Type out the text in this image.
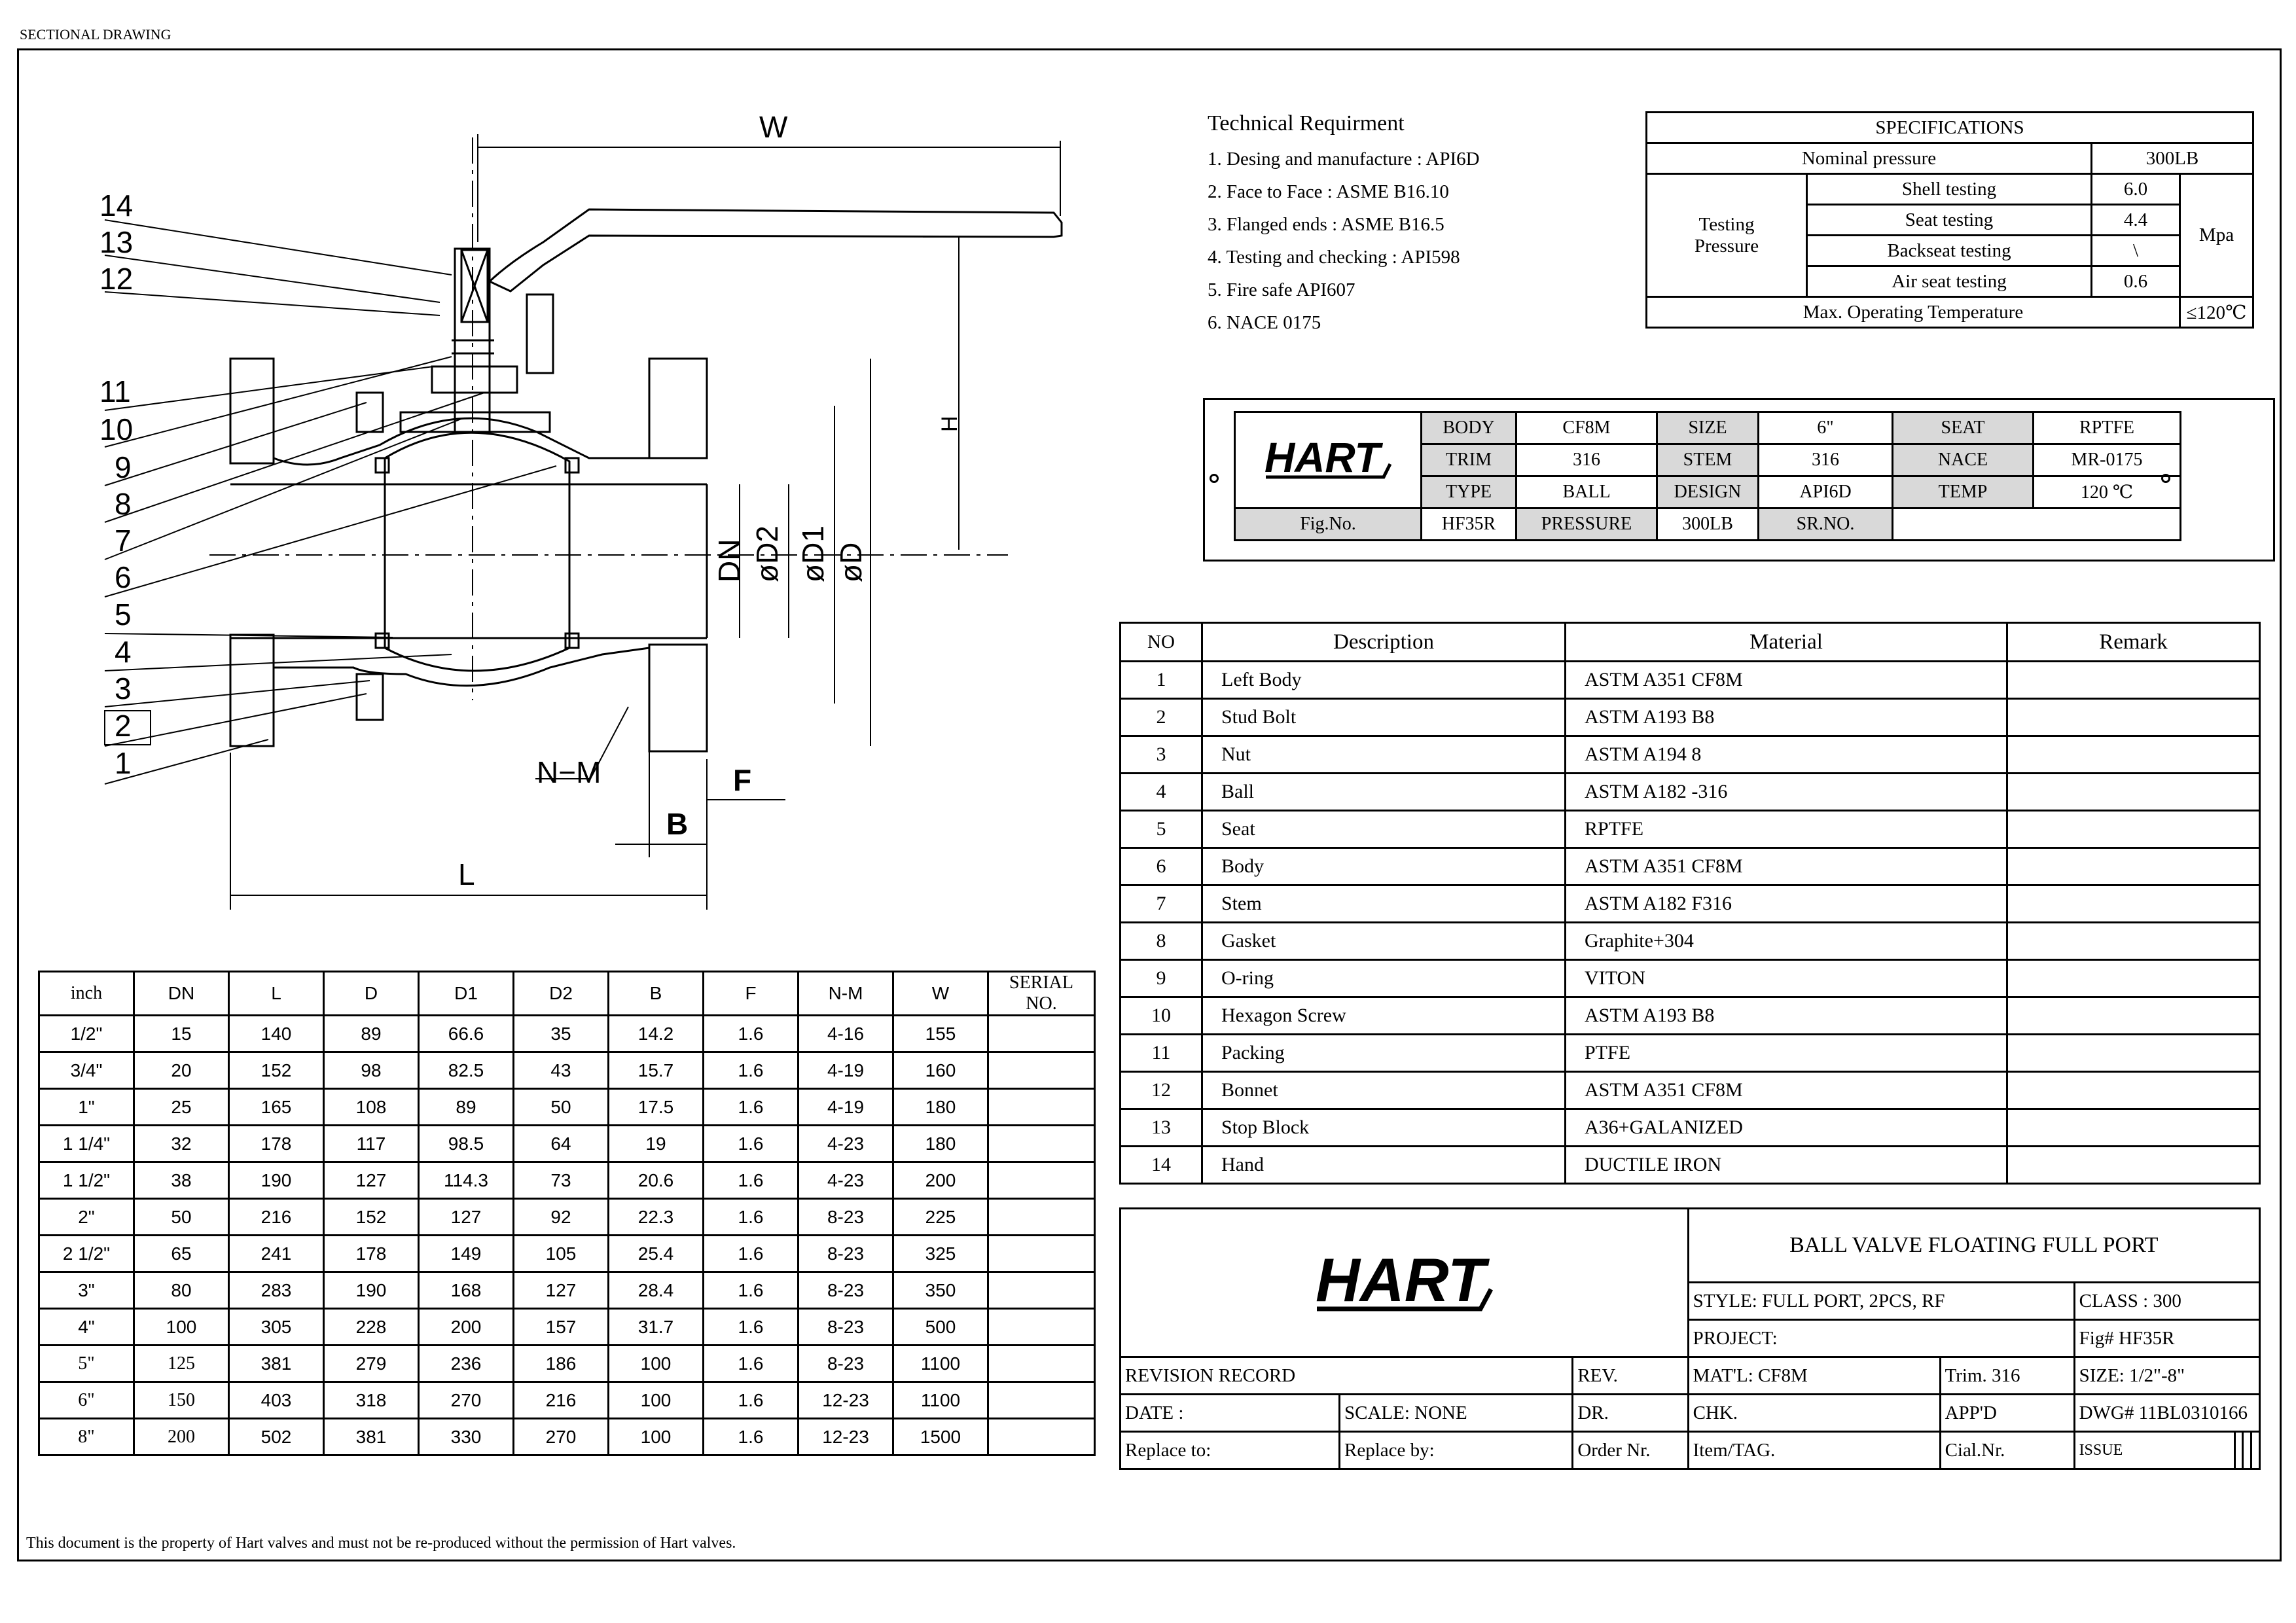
SECTIONAL DRAWING
W
H
DN øD2 øD1 øD
N−M	F
B
L
14
13
12
11
10
9
8
7
6
5
4
3
2
1
Technical Requirment
1. Desing and manufacture : API6D
2. Face to Face : ASME B16.10
3. Flanged ends : ASME B16.5
4. Testing and checking : API598
5. Fire safe API607
6. NACE 0175
SPECIFICATIONS			
Nominal pressure		300LB	
Testing
Pressure	Shell testing	6.0	Mpa
	Seat testing	4.4	
	Backseat testing	\	
	Air seat testing	0.6	
Max. Operating Temperature			≤120℃
HART	BODY	CF8M	SIZE	6"	SEAT	RPTFE
	TRIM	316	STEM	316	NACE	MR-0175
	TYPE	BALL	DESIGN	API6D	TEMP	120 ℃
Fig.No.	HF35R	PRESSURE	300LB	SR.NO.		
NO	Description	Material	Remark
1	Left Body	ASTM A351 CF8M	
2	Stud Bolt	ASTM A193 B8	
3	Nut	ASTM A194 8	
4	Ball	ASTM A182 -316	
5	Seat	RPTFE	
6	Body	ASTM A351 CF8M	
7	Stem	ASTM A182 F316	
8	Gasket	Graphite+304	
9	O-ring	VITON	
10	Hexagon Screw	ASTM A193 B8	
11	Packing	PTFE	
12	Bonnet	ASTM A351 CF8M	
13	Stop Block	A36+GALANIZED	
14	Hand	DUCTILE IRON	
HART			BALL VALVE FLOATING FULL PORT			
			STYLE: FULL PORT, 2PCS, RF		CLASS : 300	
			PROJECT:		Fig# HF35R	
REVISION RECORD		REV.	MAT'L: CF8M	Trim. 316	SIZE: 1/2"-8"	
DATE :	SCALE: NONE	DR.	CHK.	APP'D	DWG# 11BL0310166	
Replace to:	Replace by:	Order Nr.	Item/TAG.	Cial.Nr.	ISSUE	
inch	DN	L	D	D1	D2	B	F	N-M	W	SERIAL NO.
1/2"	15	140	89	66.6	35	14.2	1.6	4-16	155	
3/4"	20	152	98	82.5	43	15.7	1.6	4-19	160	
1"	25	165	108	89	50	17.5	1.6	4-19	180	
1 1/4"	32	178	117	98.5	64	19	1.6	4-23	180	
1 1/2"	38	190	127	114.3	73	20.6	1.6	4-23	200	
2"	50	216	152	127	92	22.3	1.6	8-23	225	
2 1/2"	65	241	178	149	105	25.4	1.6	8-23	325	
3"	80	283	190	168	127	28.4	1.6	8-23	350	
4"	100	305	228	200	157	31.7	1.6	8-23	500	
5"	125	381	279	236	186	100	1.6	8-23	1100	
6"	150	403	318	270	216	100	1.6	12-23	1100	
8"	200	502	381	330	270	100	1.6	12-23	1500	
This document is the property of Hart valves and must not be re-produced without the permission of Hart valves.
